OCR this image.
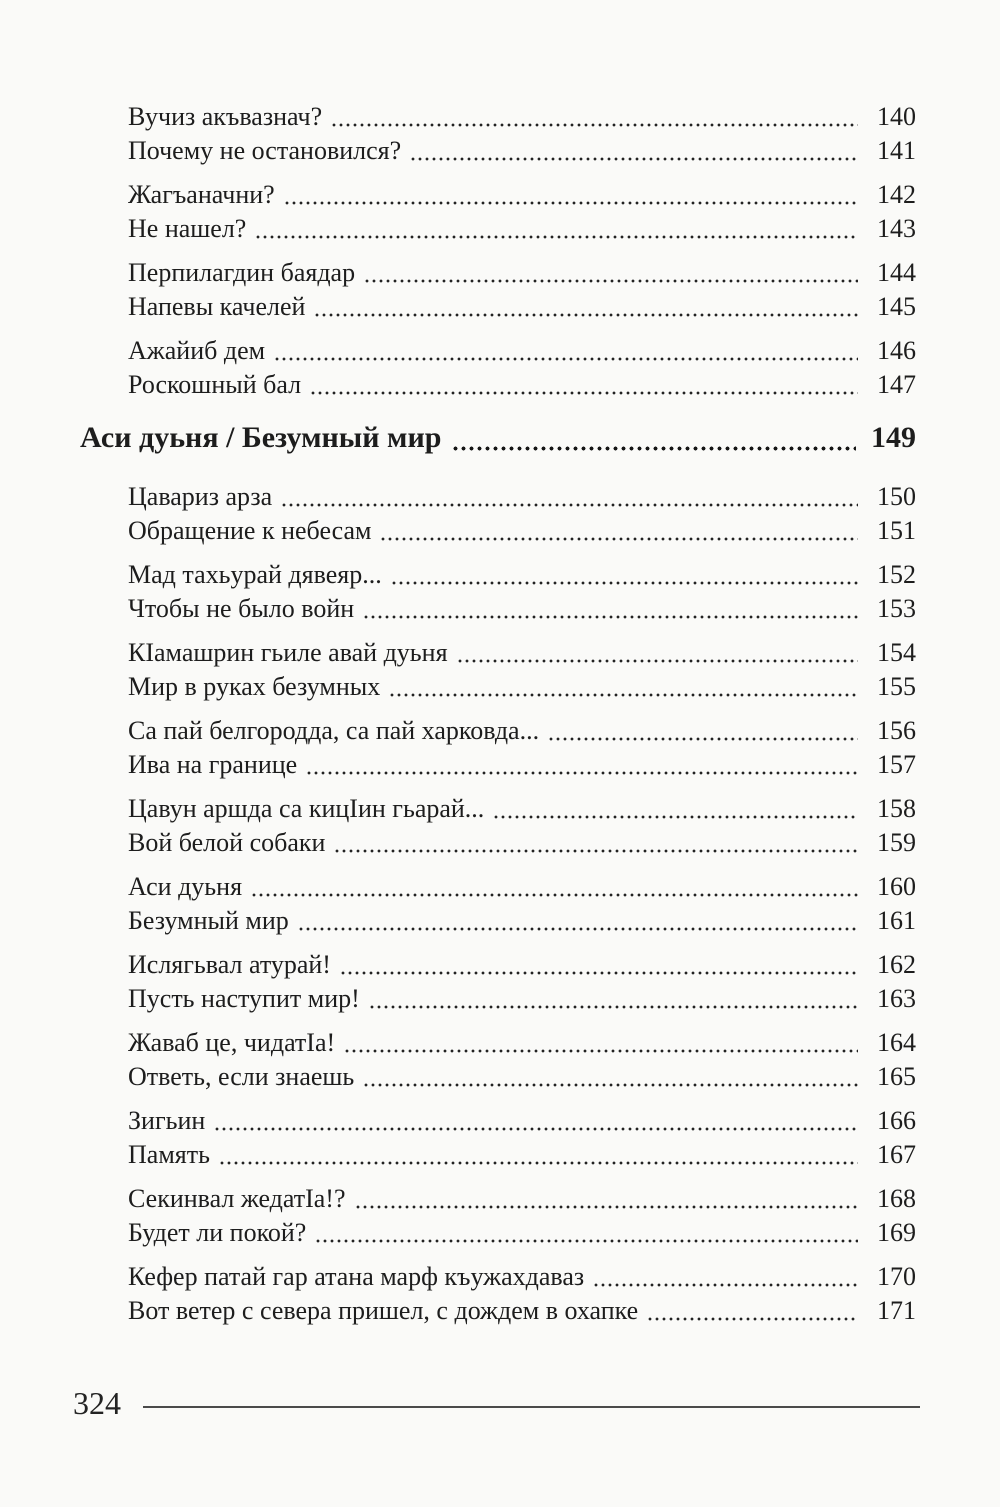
Вучиз акъвазнач?	140
Почему не остановился?	141
Жагъаначни?	142
Не нашел?	143
Перпилагдин баядар	144
Напевы качелей	145
Ажайиб дем	146
Роскошный бал	147
Аси дуьня / Безумный мир	149
Цавариз арза	150
Обращение к небесам	151
Мад тахьурай дявеяр...	152
Чтобы не было войн	153
КIамашрин гьиле авай дуьня	154
Мир в руках безумных	155
Са пай белгородда, са пай харковда...	156
Ива на границе	157
Цавун аршда са кицIин гьарай...	158
Вой белой собаки	159
Аси дуьня	160
Безумный мир	161
Ислягьвал атурай!	162
Пусть наступит мир!	163
Жаваб це, чидатIа!	164
Ответь, если знаешь	165
Зигьин	166
Память	167
Секинвал жедатIа!?	168
Будет ли покой?	169
Кефер патай гар атана марф къужахдаваз	170
Вот ветер с севера пришел, с дождем в охапке	171
324
